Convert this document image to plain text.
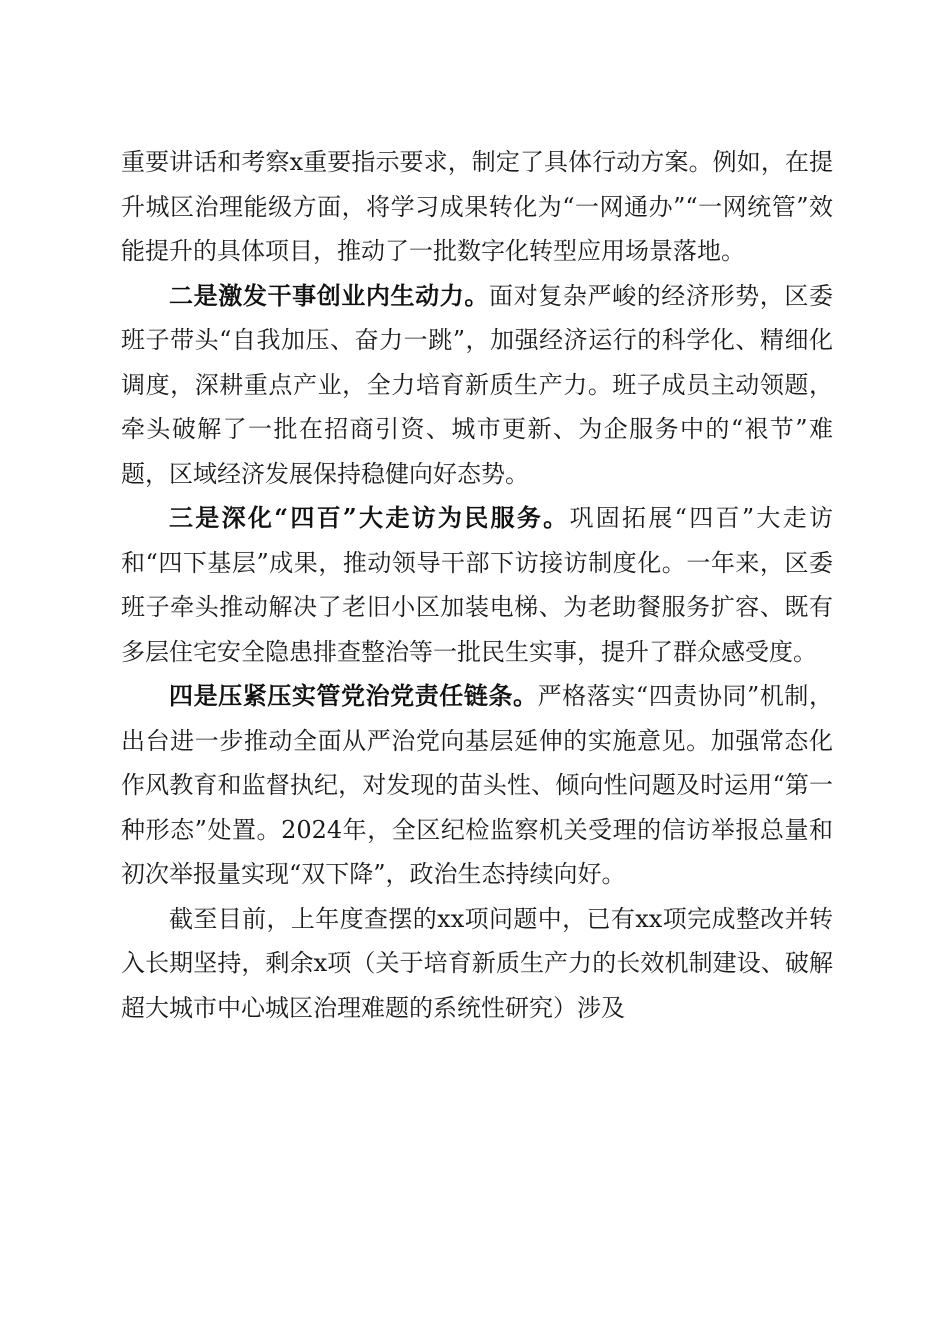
重要讲话和考察x重要指示要求，制定了具体行动方案。例如，在提升城区治理能级方面，将学习成果转化为“一网通办”“一网统管”效能提升的具体项目，推动了一批数字化转型应用场景落地。

二是激发干事创业内生动力。面对复杂严峻的经济形势，区委班子带头“自我加压、奋力一跳”，加强经济运行的科学化、精细化调度，深耕重点产业，全力培育新质生产力。班子成员主动领题，牵头破解了一批在招商引资、城市更新、为企服务中的“裉节”难题，区域经济发展保持稳健向好态势。

三是深化“四百”大走访为民服务。巩固拓展“四百”大走访和“四下基层”成果，推动领导干部下访接访制度化。一年来，区委班子牵头推动解决了老旧小区加装电梯、为老助餐服务扩容、既有多层住宅安全隐患排查整治等一批民生实事，提升了群众感受度。

四是压紧压实管党治党责任链条。严格落实“四责协同”机制，出台进一步推动全面从严治党向基层延伸的实施意见。加强常态化作风教育和监督执纪，对发现的苗头性、倾向性问题及时运用“第一种形态”处置。2024年，全区纪检监察机关受理的信访举报总量和初次举报量实现“双下降”，政治生态持续向好。

截至目前，上年度查摆的xx项问题中，已有xx项完成整改并转入长期坚持，剩余x项（关于培育新质生产力的长效机制建设、破解超大城市中心城区治理难题的系统性研究）涉及
